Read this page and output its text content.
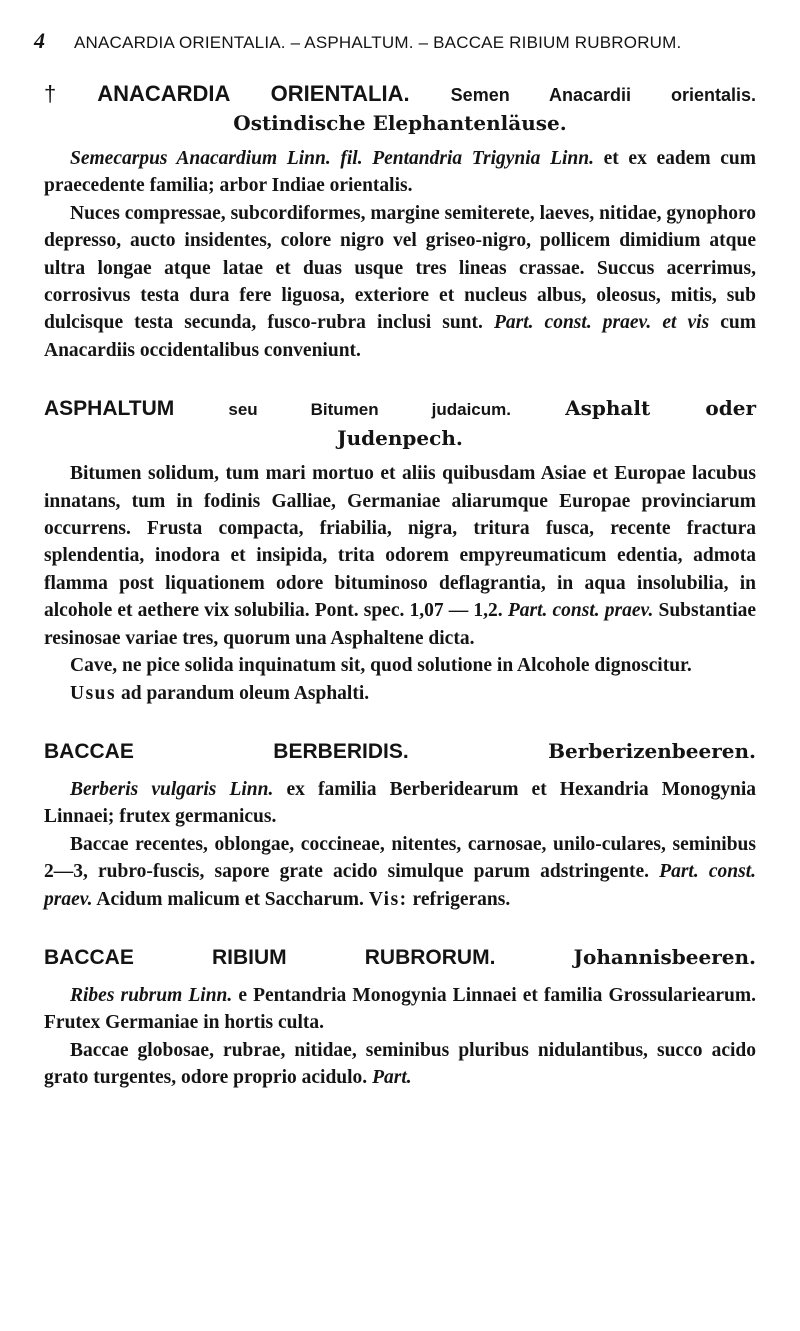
4	ANACARDIA ORIENTALIA. – ASPHALTUM. – BACCAE RIBIUM RUBRORUM.

† ANACARDIA ORIENTALIA. Semen Anacardii orientalis.

Ostindische Elephantenläuse.

Semecarpus Anacardium Linn. fil. Pentandria Trigynia Linn. et ex eadem cum praecedente familia; arbor Indiae orientalis.

Nuces compressae, subcordiformes, margine semiterete, laeves, nitidae, gynophoro depresso, aucto insidentes, colore nigro vel griseo-nigro, pollicem dimidium atque ultra longae atque latae et duas usque tres lineas crassae. Succus acerrimus, corrosivus testa dura fere liguosa, exteriore et nucleus albus, oleosus, mitis, sub dulcisque testa secunda, fusco-rubra inclusi sunt. Part. const. praev. et vis cum Anacardiis occidentalibus conveniunt.

ASPHALTUM	seu Bitumen judaicum.	Asphalt oder

Judenpech.

Bitumen solidum, tum mari mortuo et aliis quibusdam Asiae et Europae lacubus innatans, tum in fodinis Galliae, Germaniae aliarumque Europae provinciarum occurrens. Frusta compacta, friabilia, nigra, tritura fusca, recente fractura splendentia, inodora et insipida, trita odorem empyreumaticum edentia, admota flamma post liquationem odore bituminoso deflagrantia, in aqua insolubilia, in alcohole et aethere vix solubilia. Pont. spec. 1,07 — 1,2. Part. const. praev. Substantiae resinosae variae tres, quorum una Asphaltene dicta.

Cave, ne pice solida inquinatum sit, quod solutione in Alcohole dignoscitur.

Usus ad parandum oleum Asphalti.

BACCAE BERBERIDIS.	Berberizenbeeren.

Berberis vulgaris Linn. ex familia Berberidearum et Hexandria Monogynia Linnaei; frutex germanicus.

Baccae recentes, oblongae, coccineae, nitentes, carnosae, unilo-culares, seminibus 2—3, rubro-fuscis, sapore grate acido simulque parum adstringente. Part. const. praev. Acidum malicum et Saccharum. Vis: refrigerans.

BACCAE RIBIUM RUBRORUM.	Johannisbeeren.

Ribes rubrum Linn. e Pentandria Monogynia Linnaei et familia Grossulariearum. Frutex Germaniae in hortis culta.

Baccae globosae, rubrae, nitidae, seminibus pluribus nidulantibus, succo acido grato turgentes, odore proprio acidulo. Part.
